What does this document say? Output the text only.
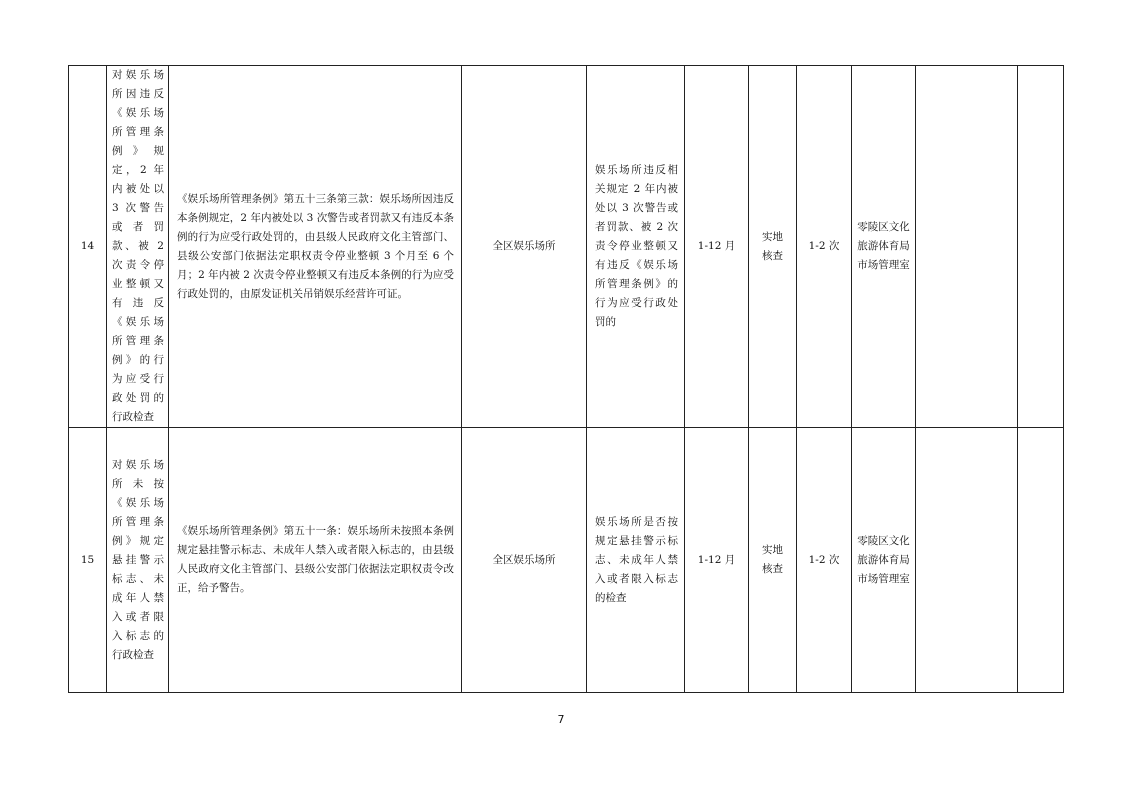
14	对娱乐场所因违反《娱乐场所管理条例》规定，2 年内被处以 3 次警告或者罚款、被 2 次责令停业整顿又有违反《娱乐场所管理条例》的行为应受行政处罚的行政检查	《娱乐场所管理条例》第五十三条第三款：娱乐场所因违反本条例规定，2 年内被处以 3 次警告或者罚款又有违反本条例的行为应受行政处罚的，由县级人民政府文化主管部门、县级公安部门依据法定职权责令停业整顿 3 个月至 6 个月；2 年内被 2 次责令停业整顿又有违反本条例的行为应受行政处罚的，由原发证机关吊销娱乐经营许可证。	全区娱乐场所	娱乐场所违反相关规定 2 年内被处以 3 次警告或者罚款、被 2 次责令停业整顿又有违反《娱乐场所管理条例》的行为应受行政处罚的	1-12 月	实地核查	1-2 次	零陵区文化旅游体育局市场管理室		
15	对娱乐场所未按《娱乐场所管理条例》规定悬挂警示标志、未成年人禁入或者限入标志的行政检查	《娱乐场所管理条例》第五十一条：娱乐场所未按照本条例规定悬挂警示标志、未成年人禁入或者限入标志的，由县级人民政府文化主管部门、县级公安部门依据法定职权责令改正，给予警告。	全区娱乐场所	娱乐场所是否按规定悬挂警示标志、未成年人禁入或者限入标志的检查	1-12 月	实地核查	1-2 次	零陵区文化旅游体育局市场管理室		
7
